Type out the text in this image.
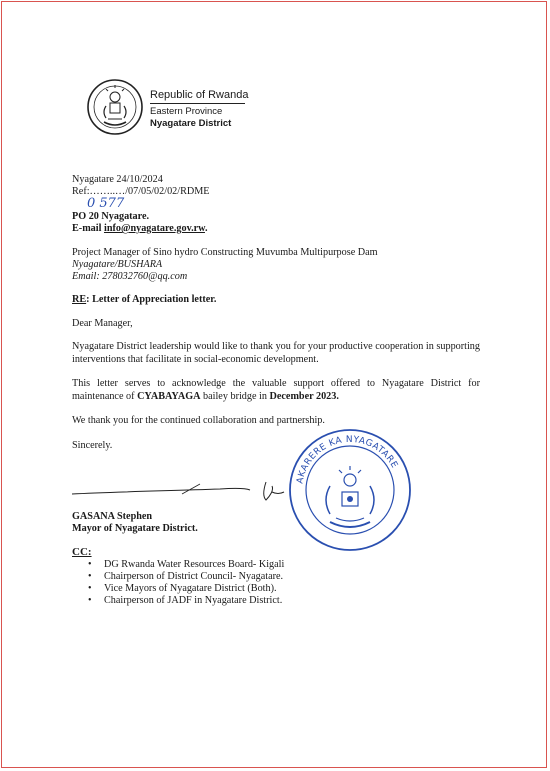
Republic of Rwanda
Eastern Province
Nyagatare District
Nyagatare 24/10/2024
Ref:……..…/07/05/02/02/RDME
0 577
PO 20 Nyagatare.
E-mail info@nyagatare.gov.rw.
Project Manager of Sino hydro Constructing Muvumba Multipurpose Dam
Nyagatare/BUSHARA
Email: 278032760@qq.com
RE: Letter of Appreciation letter.
Dear Manager,
Nyagatare District leadership would like to thank you for your productive cooperation in supporting interventions that facilitate in social-economic development.
This letter serves to acknowledge the valuable support offered to Nyagatare District for maintenance of CYABAYAGA bailey bridge in December 2023.
We thank you for the continued collaboration and partnership.
Sincerely.
AKARERE KA NYAGATARE
GASANA Stephen
Mayor of Nyagatare District.
CC:
• DG Rwanda Water Resources Board- Kigali
• Chairperson of District Council- Nyagatare.
• Vice Mayors of Nyagatare District (Both).
• Chairperson of JADF in Nyagatare District.
